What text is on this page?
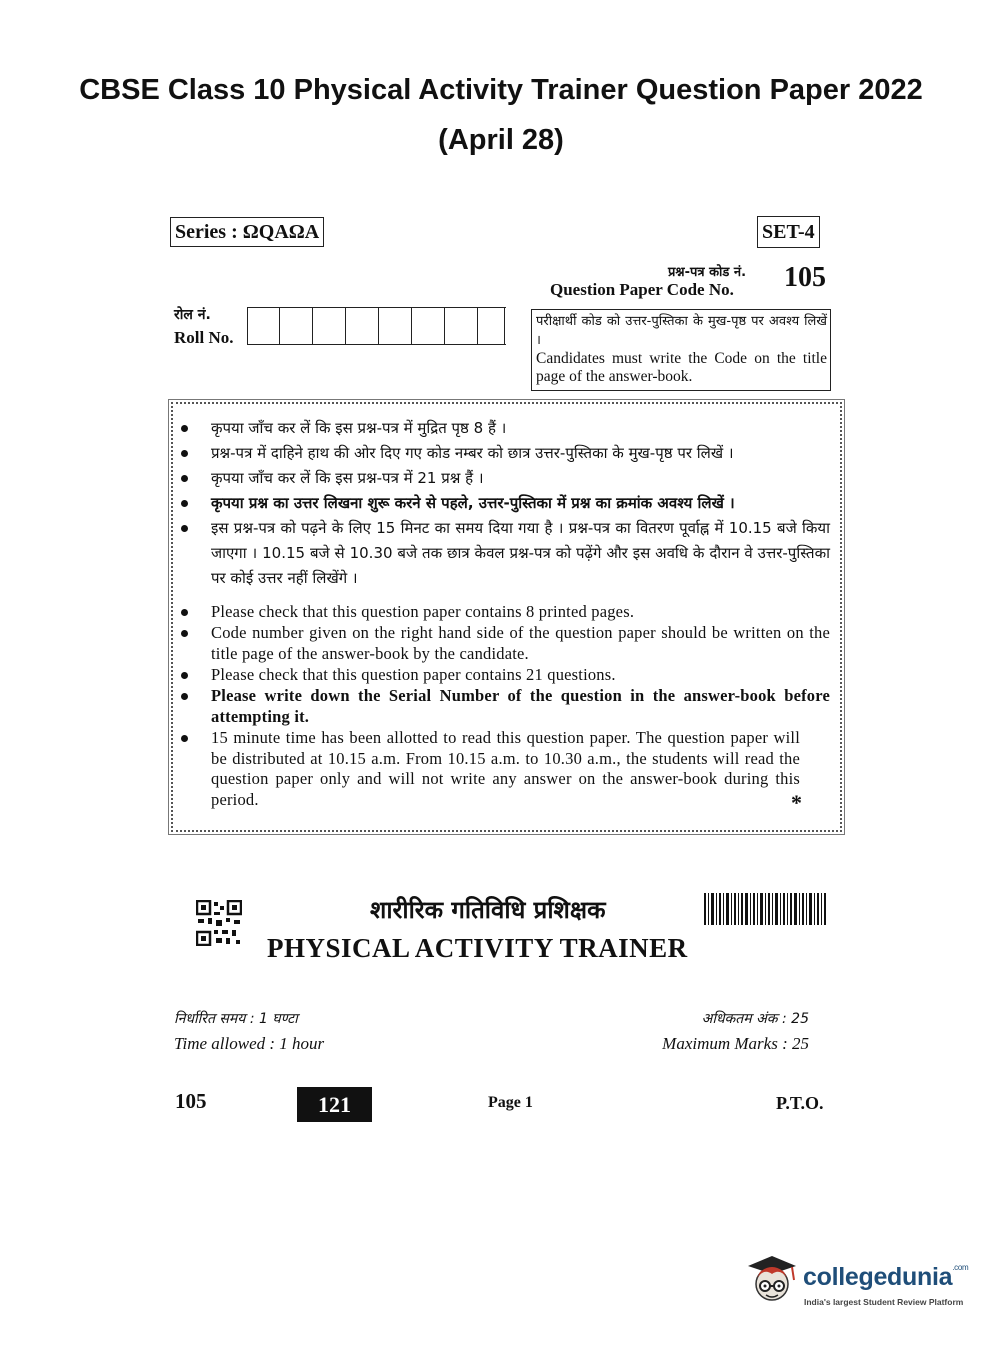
CBSE Class 10 Physical Activity Trainer Question Paper 2022
(April 28)
Series : ΩQAΩA	SET-4
प्रश्न-पत्र कोड नं.
Question Paper Code No. 105
रोल नं.
Roll No.
परीक्षार्थी कोड को उत्तर-पुस्तिका के मुख-पृष्ठ पर अवश्य लिखें ।
Candidates must write the Code on the title page of the answer-book.
कृपया जाँच कर लें कि इस प्रश्न-पत्र में मुद्रित पृष्ठ 8 हैं ।
प्रश्न-पत्र में दाहिने हाथ की ओर दिए गए कोड नम्बर को छात्र उत्तर-पुस्तिका के मुख-पृष्ठ पर लिखें ।
कृपया जाँच कर लें कि इस प्रश्न-पत्र में 21 प्रश्न हैं ।
कृपया प्रश्न का उत्तर लिखना शुरू करने से पहले, उत्तर-पुस्तिका में प्रश्न का क्रमांक अवश्य लिखें ।
इस प्रश्न-पत्र को पढ़ने के लिए 15 मिनट का समय दिया गया है । प्रश्न-पत्र का वितरण पूर्वाह्न में 10.15 बजे किया जाएगा । 10.15 बजे से 10.30 बजे तक छात्र केवल प्रश्न-पत्र को पढ़ेंगे और इस अवधि के दौरान वे उत्तर-पुस्तिका पर कोई उत्तर नहीं लिखेंगे ।
Please check that this question paper contains 8 printed pages.
Code number given on the right hand side of the question paper should be written on the title page of the answer-book by the candidate.
Please check that this question paper contains 21 questions.
Please write down the Serial Number of the question in the answer-book before attempting it.
15 minute time has been allotted to read this question paper. The question paper will be distributed at 10.15 a.m. From 10.15 a.m. to 10.30 a.m., the students will read the question paper only and will not write any answer on the answer-book during this period.	*
शारीरिक गतिविधि प्रशिक्षक
PHYSICAL ACTIVITY TRAINER
निर्धारित समय : 1 घण्टा
Time allowed : 1 hour
अधिकतम अंक : 25
Maximum Marks : 25
105	121	Page 1	P.T.O.
collegedunia$^{.com}$
India's largest Student Review Platform
